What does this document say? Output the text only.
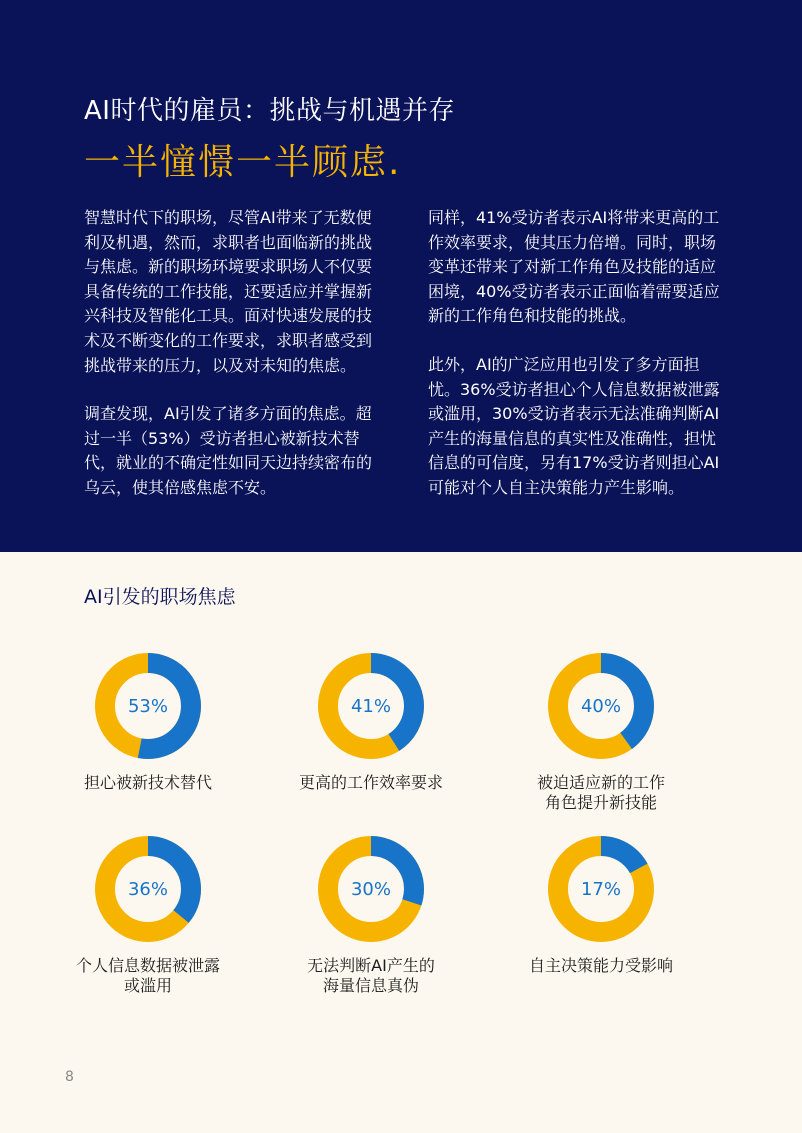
AI时代的雇员：挑战与机遇并存
一半憧憬一半顾虑.

智慧时代下的职场，尽管AI带来了无数便利及机遇，然而，求职者也面临新的挑战与焦虑。新的职场环境要求职场人不仅要具备传统的工作技能，还要适应并掌握新兴科技及智能化工具。面对快速发展的技术及不断变化的工作要求，求职者感受到挑战带来的压力，以及对未知的焦虑。

调查发现，AI引发了诸多方面的焦虑。超过一半（53%）受访者担心被新技术替代，就业的不确定性如同天边持续密布的乌云，使其倍感焦虑不安。

同样，41%受访者表示AI将带来更高的工作效率要求，使其压力倍增。同时，职场变革还带来了对新工作角色及技能的适应困境，40%受访者表示正面临着需要适应新的工作角色和技能的挑战。

此外，AI的广泛应用也引发了多方面担忧。36%受访者担心个人信息数据被泄露或滥用，30%受访者表示无法准确判断AI产生的海量信息的真实性及准确性，担忧信息的可信度，另有17%受访者则担心AI可能对个人自主决策能力产生影响。

AI引发的职场焦虑
53%
担心被新技术替代
41%
更高的工作效率要求
40%
被迫适应新的工作
角色提升新技能
36%
个人信息数据被泄露
或滥用
30%
无法判断AI产生的
海量信息真伪
17%
自主决策能力受影响
8
